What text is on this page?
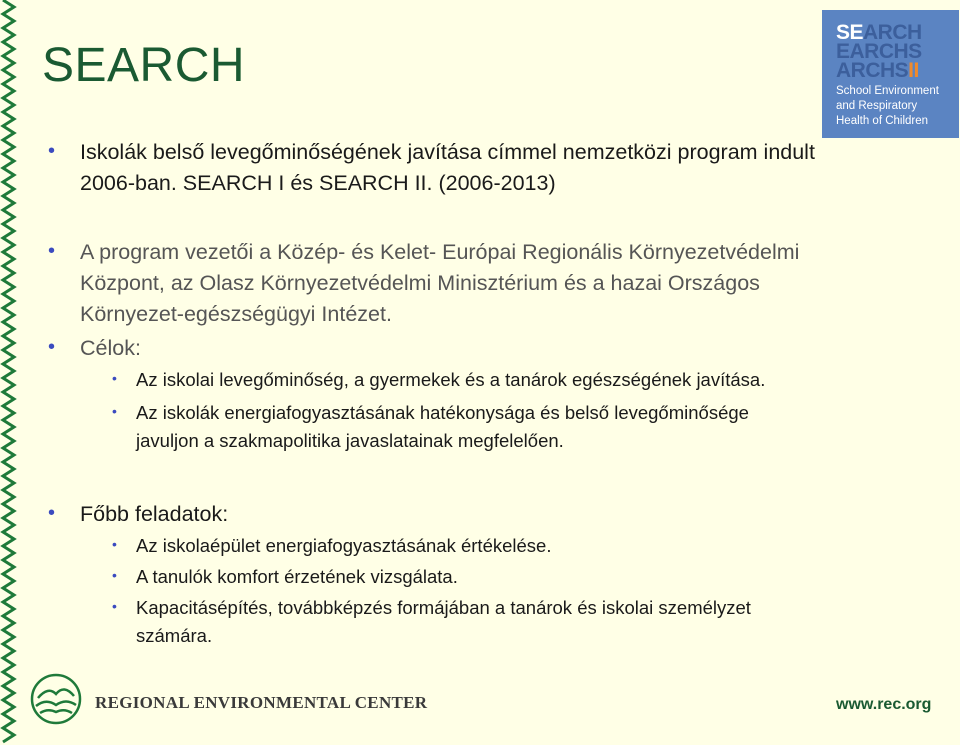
SEARCH
SEARCH
EARCHS
ARCHSII
School Environment
and Respiratory
Health of Children
• Iskolák belső levegőminőségének javítása címmel nemzetközi program indult
2006-ban. SEARCH I és SEARCH II. (2006-2013)
• A program vezetői a Közép- és Kelet- Európai Regionális Környezetvédelmi
Központ, az Olasz Környezetvédelmi Minisztérium és a hazai Országos
Környezet-egészségügyi Intézet.
• Célok:
• Az iskolai levegőminőség, a gyermekek és a tanárok egészségének javítása.
• Az iskolák energiafogyasztásának hatékonysága és belső levegőminősége
javuljon a szakmapolitika javaslatainak megfelelően.
• Főbb feladatok:
• Az iskolaépület energiafogyasztásának értékelése.
• A tanulók komfort érzetének vizsgálata.
• Kapacitásépítés, továbbképzés formájában a tanárok és iskolai személyzet
számára.
REGIONAL ENVIRONMENTAL CENTER	www.rec.org
